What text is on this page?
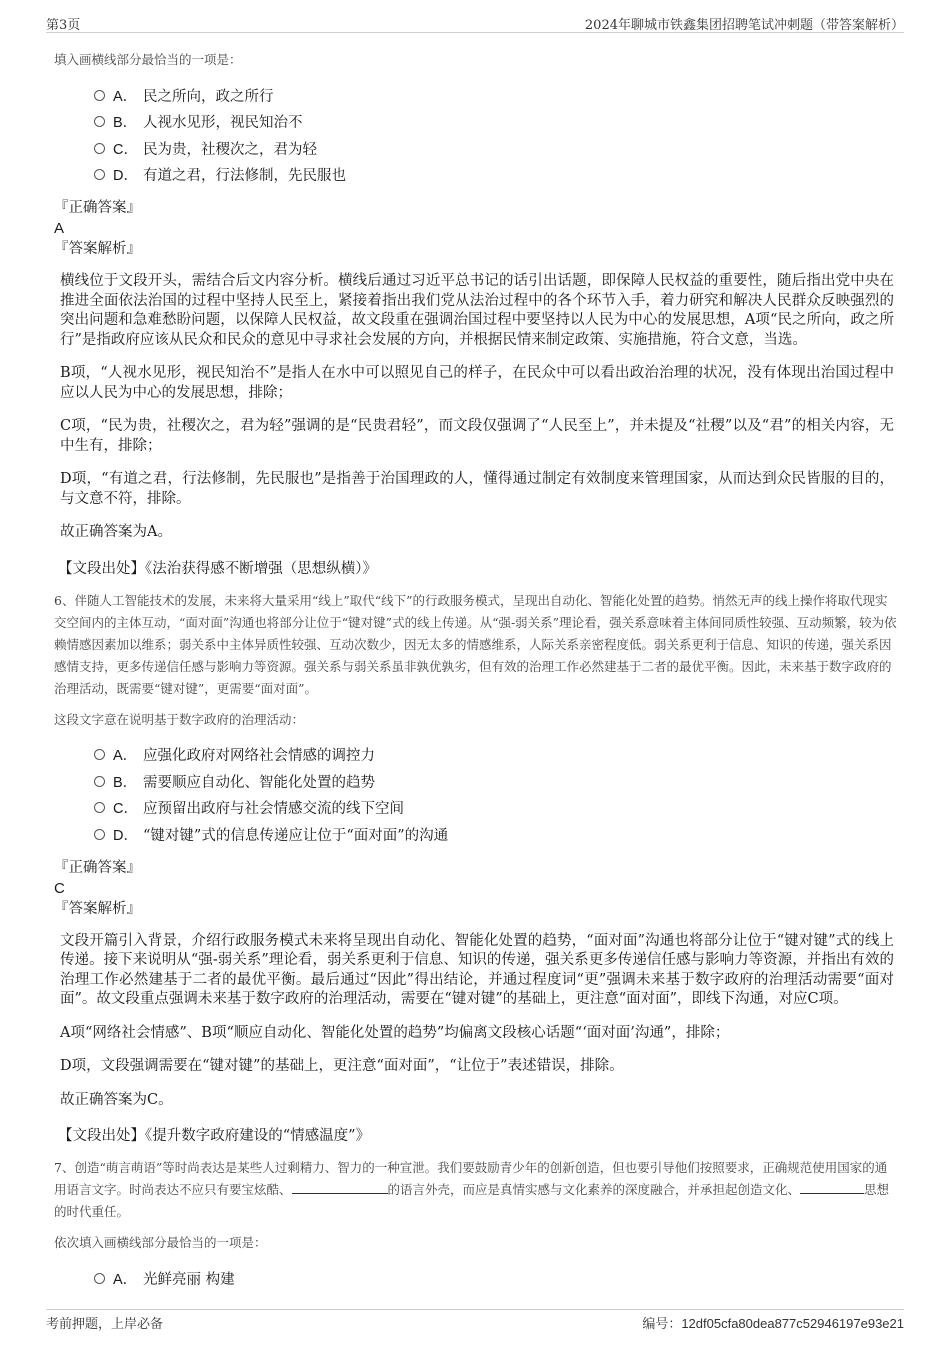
第3页	2024年聊城市铁鑫集团招聘笔试冲刺题（带答案解析）
填入画横线部分最恰当的一项是：
A． 民之所向，政之所行
B． 人视水见形，视民知治不
C． 民为贵，社稷次之，君为轻
D． 有道之君，行法修制，先民服也
『正确答案』
A
『答案解析』
横线位于文段开头，需结合后文内容分析。横线后通过习近平总书记的话引出话题，即保障人民权益的重要性，随后指出党中央在推进全面依法治国的过程中坚持人民至上，紧接着指出我们党从法治过程中的各个环节入手，着力研究和解决人民群众反映强烈的突出问题和急难愁盼问题，以保障人民权益，故文段重在强调治国过程中要坚持以人民为中心的发展思想，A项“民之所向，政之所行”是指政府应该从民众和民众的意见中寻求社会发展的方向，并根据民情来制定政策、实施措施，符合文意，当选。
B项，“人视水见形，视民知治不”是指人在水中可以照见自己的样子，在民众中可以看出政治治理的状况，没有体现出治国过程中应以人民为中心的发展思想，排除；
C项，“民为贵，社稷次之，君为轻”强调的是“民贵君轻”，而文段仅强调了“人民至上”，并未提及“社稷”以及“君”的相关内容，无中生有，排除；
D项，“有道之君，行法修制，先民服也”是指善于治国理政的人，懂得通过制定有效制度来管理国家，从而达到众民皆服的目的，与文意不符，排除。
故正确答案为A。
【文段出处】《法治获得感不断增强（思想纵横）》
6、伴随人工智能技术的发展，未来将大量采用“线上”取代“线下”的行政服务模式，呈现出自动化、智能化处置的趋势。悄然无声的线上操作将取代现实交空间内的主体互动，“面对面”沟通也将部分让位于“键对键”式的线上传递。从“强-弱关系”理论看，强关系意味着主体间同质性较强、互动频繁，较为依赖情感因素加以维系；弱关系中主体异质性较强、互动次数少，因无太多的情感维系，人际关系亲密程度低。弱关系更利于信息、知识的传递，强关系因感情支持，更多传递信任感与影响力等资源。强关系与弱关系虽非孰优孰劣，但有效的治理工作必然建基于二者的最优平衡。因此，未来基于数字政府的治理活动，既需要“键对键”，更需要“面对面”。
这段文字意在说明基于数字政府的治理活动：
A． 应强化政府对网络社会情感的调控力
B． 需要顺应自动化、智能化处置的趋势
C． 应预留出政府与社会情感交流的线下空间
D． “键对键”式的信息传递应让位于“面对面”的沟通
『正确答案』
C
『答案解析』
文段开篇引入背景，介绍行政服务模式未来将呈现出自动化、智能化处置的趋势，“面对面”沟通也将部分让位于“键对键”式的线上传递。接下来说明从“强-弱关系”理论看，弱关系更利于信息、知识的传递，强关系更多传递信任感与影响力等资源，并指出有效的治理工作必然建基于二者的最优平衡。最后通过“因此”得出结论，并通过程度词“更”强调未来基于数字政府的治理活动需要“面对面”。故文段重点强调未来基于数字政府的治理活动，需要在“键对键”的基础上，更注意“面对面”，即线下沟通，对应C项。
A项“网络社会情感”、B项“顺应自动化、智能化处置的趋势”均偏离文段核心话题“‘面对面’沟通”，排除；
D项，文段强调需要在“键对键”的基础上，更注意“面对面”，“让位于”表述错误，排除。
故正确答案为C。
【文段出处】《提升数字政府建设的“情感温度”》
7、创造“萌言萌语”等时尚表达是某些人过剩精力、智力的一种宣泄。我们要鼓励青少年的创新创造，但也要引导他们按照要求，正确规范使用国家的通用语言文字。时尚表达不应只有要宝炫酷、	的语言外壳，而应是真情实感与文化素养的深度融合，并承担起创造文化、	思想的时代重任。
依次填入画横线部分最恰当的一项是：
A． 光鲜亮丽 构建
考前押题，上岸必备	编号：12df05cfa80dea877c52946197e93e21
